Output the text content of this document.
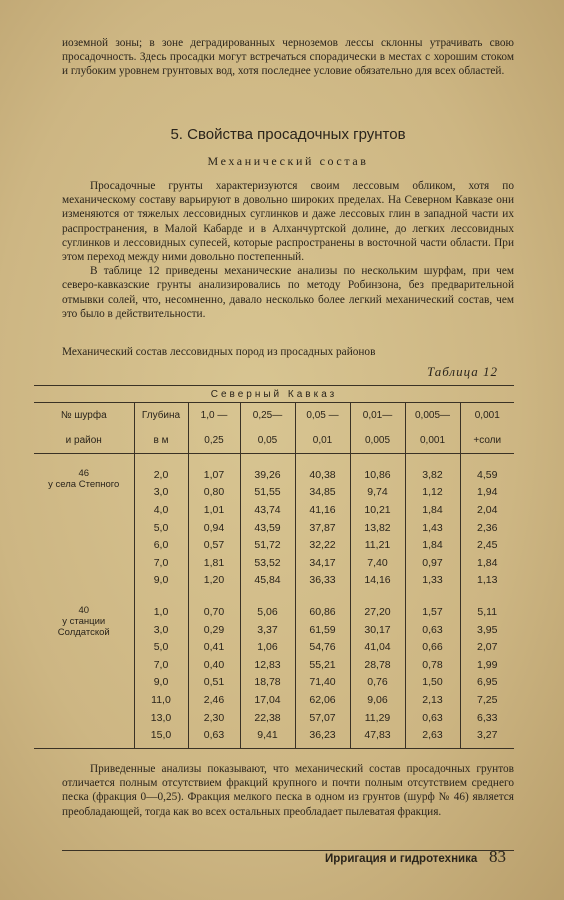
иоземной зоны; в зоне деградированных черноземов лессы склонны утрачивать свою просадочность. Здесь просадки могут встречаться спорадически в местах с хорошим стоком и глубоким уровнем грунтовых вод, хотя последнее условие обязательно для всех областей.

5. Свойства просадочных грунтов
Механический состав

Просадочные грунты характеризуются своим лессовым обликом, хотя по механическому составу варьируют в довольно широких пределах. На Северном Кавказе они изменяются от тяжелых лессовидных суглинков и даже лессовых глин в западной части их распространения, в Малой Кабарде и в Алханчуртской долине, до легких лессовидных суглинков и лессовидных супесей, которые распространены в восточной части области. При этом переход между ними довольно постепенный.

В таблице 12 приведены механические анализы по нескольким шурфам, при чем северо-кавказские грунты анализировались по методу Робинзона, без предварительной отмывки солей, что, несомненно, давало несколько более легкий механический состав, чем это было в действительности.

Механический состав лессовидных пород из просадных районов
Таблица 12
Северный Кавказ							
№ шурфа	Глубина	1,0 —	0,25—	0,05 —	0,01—	0,005—	0,001
и район	в м	0,25	0,05	0,01	0,005	0,001	+соли

46
у села Степного	2,0	1,07	39,26	40,38	10,86	3,82	4,59
	3,0	0,80	51,55	34,85	9,74	1,12	1,94
	4,0	1,01	43,74	41,16	10,21	1,84	2,04
	5,0	0,94	43,59	37,87	13,82	1,43	2,36
	6,0	0,57	51,72	32,22	11,21	1,84	2,45
	7,0	1,81	53,52	34,17	7,40	0,97	1,84
	9,0	1,20	45,84	36,33	14,16	1,33	1,13

40
у станции Солдатской	1,0	0,70	5,06	60,86	27,20	1,57	5,11
	3,0	0,29	3,37	61,59	30,17	0,63	3,95
	5,0	0,41	1,06	54,76	41,04	0,66	2,07
	7,0	0,40	12,83	55,21	28,78	0,78	1,99
	9,0	0,51	18,78	71,40	0,76	1,50	6,95
	11,0	2,46	17,04	62,06	9,06	2,13	7,25
	13,0	2,30	22,38	57,07	11,29	0,63	6,33
	15,0	0,63	9,41	36,23	47,83	2,63	3,27

Приведенные анализы показывают, что механический состав просадочных грунтов отличается полным отсутствием фракций крупного и почти полным отсутствием среднего песка (фракция 0—0,25). Фракция мелкого песка в одном из грунтов (шурф № 46) является преобладающей, тогда как во всех остальных преобладает пылеватая фракция.

Ирригация и гидротехника 83
